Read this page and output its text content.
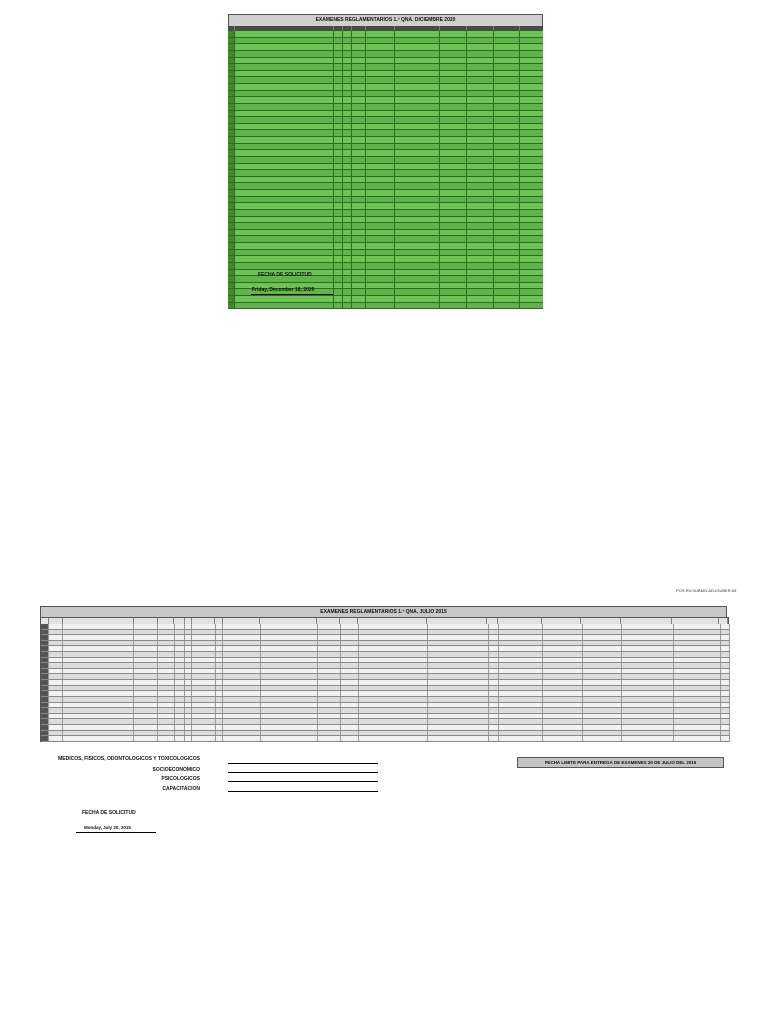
EXAMENES REGLAMENTARIOS 1.ª QNA. DICIEMBRE 2020
FECHA DE SOLICITUD
Friday, December 18, 2020
PCR-RV-SUBMO-AD-IGUBER-05
EXAMENES REGLAMENTARIOS 1.ª QNA. JULIO 2015
MEDICOS, FISICOS, ODONTOLOGICOS Y TOXICOLOGICOS
SOCIOECONOMICO
PSICOLOGICOS
CAPACITACION
FECHA LIMITE PARA ENTREGA DE EXAMENES 20 DE JULIO DEL 2015
FECHA DE SOLICITUD
Monday, July 20, 2015
